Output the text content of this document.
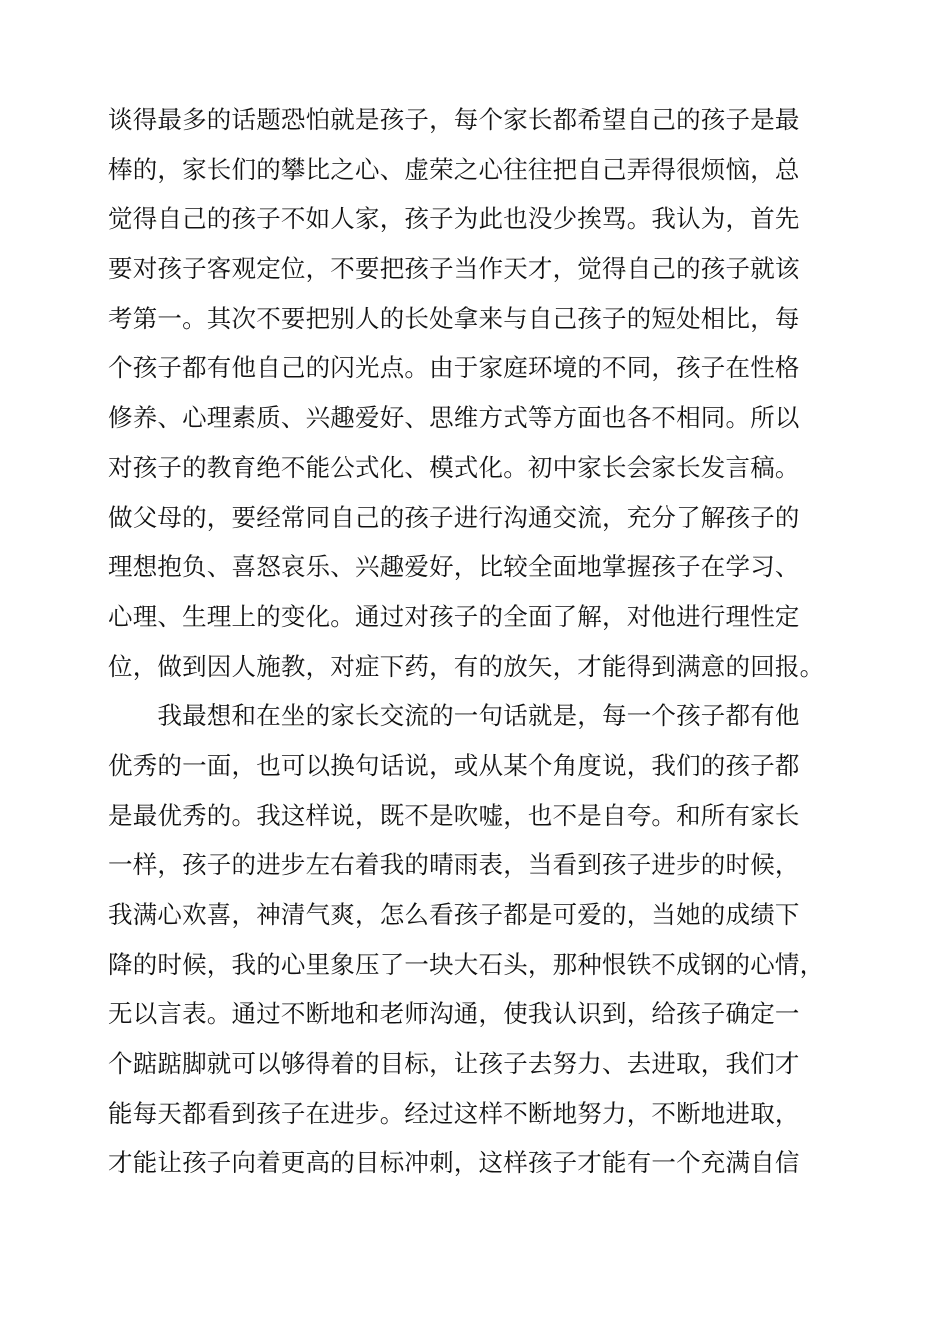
谈得最多的话题恐怕就是孩子，每个家长都希望自己的孩子是最
棒的，家长们的攀比之心、虚荣之心往往把自己弄得很烦恼，总
觉得自己的孩子不如人家，孩子为此也没少挨骂。我认为，首先
要对孩子客观定位，不要把孩子当作天才，觉得自己的孩子就该
考第一。其次不要把别人的长处拿来与自己孩子的短处相比，每
个孩子都有他自己的闪光点。由于家庭环境的不同，孩子在性格
修养、心理素质、兴趣爱好、思维方式等方面也各不相同。所以
对孩子的教育绝不能公式化、模式化。初中家长会家长发言稿。
做父母的，要经常同自己的孩子进行沟通交流，充分了解孩子的
理想抱负、喜怒哀乐、兴趣爱好，比较全面地掌握孩子在学习、
心理、生理上的变化。通过对孩子的全面了解，对他进行理性定
位，做到因人施教，对症下药，有的放矢，才能得到满意的回报。
　　我最想和在坐的家长交流的一句话就是，每一个孩子都有他
优秀的一面，也可以换句话说，或从某个角度说，我们的孩子都
是最优秀的。我这样说，既不是吹嘘，也不是自夸。和所有家长
一样，孩子的进步左右着我的晴雨表，当看到孩子进步的时候，
我满心欢喜，神清气爽，怎么看孩子都是可爱的，当她的成绩下
降的时候，我的心里象压了一块大石头，那种恨铁不成钢的心情，
无以言表。通过不断地和老师沟通，使我认识到，给孩子确定一
个踮踮脚就可以够得着的目标，让孩子去努力、去进取，我们才
能每天都看到孩子在进步。经过这样不断地努力，不断地进取，
才能让孩子向着更高的目标冲刺，这样孩子才能有一个充满自信
